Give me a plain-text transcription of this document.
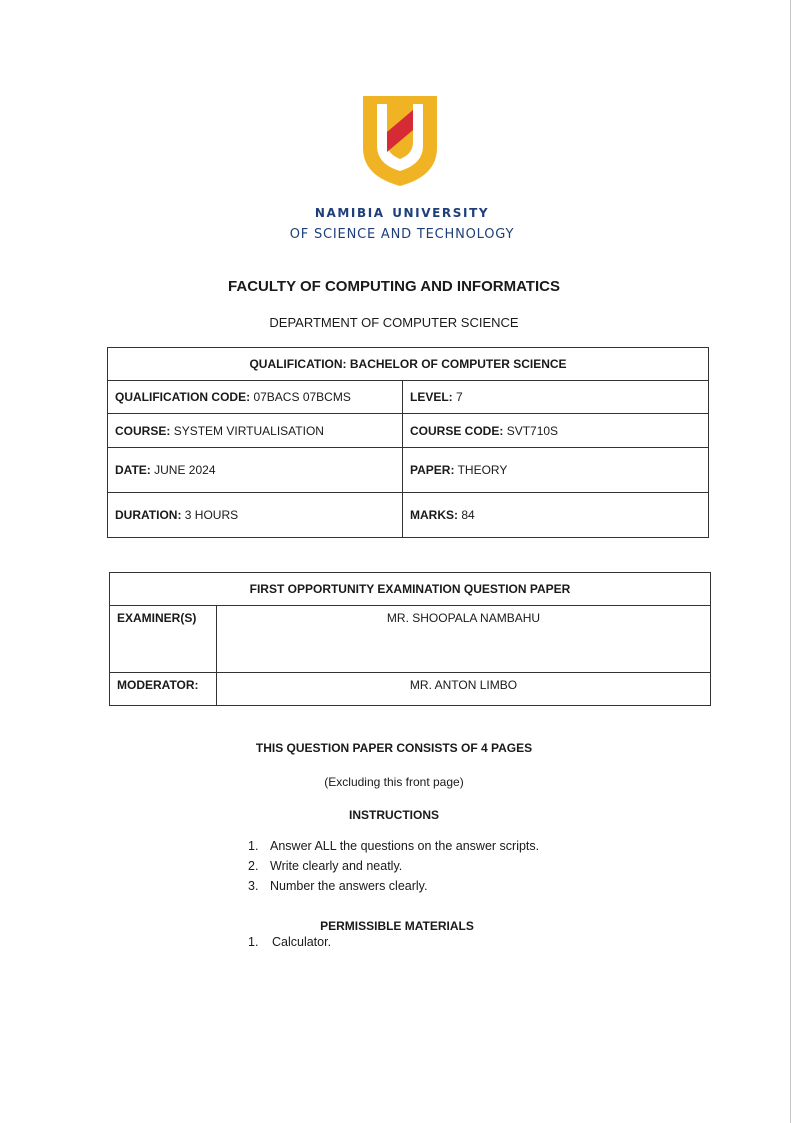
namibia university
OF SCIENCE AND TECHNOLOGY
FACULTY OF COMPUTING AND INFORMATICS
DEPARTMENT OF COMPUTER SCIENCE
QUALIFICATION: BACHELOR OF COMPUTER SCIENCE	
QUALIFICATION CODE: 07BACS 07BCMS	LEVEL: 7
COURSE: SYSTEM VIRTUALISATION	COURSE CODE: SVT710S
DATE: JUNE 2024	PAPER: THEORY
DURATION: 3 HOURS	MARKS: 84
FIRST OPPORTUNITY EXAMINATION QUESTION PAPER	
EXAMINER(S)	MR. SHOOPALA NAMBAHU
MODERATOR:	MR. ANTON LIMBO
THIS QUESTION PAPER CONSISTS OF 4 PAGES
(Excluding this front page)
INSTRUCTIONS
1. Answer ALL the questions on the answer scripts.
2. Write clearly and neatly.
3. Number the answers clearly.
PERMISSIBLE MATERIALS
1. Calculator.
